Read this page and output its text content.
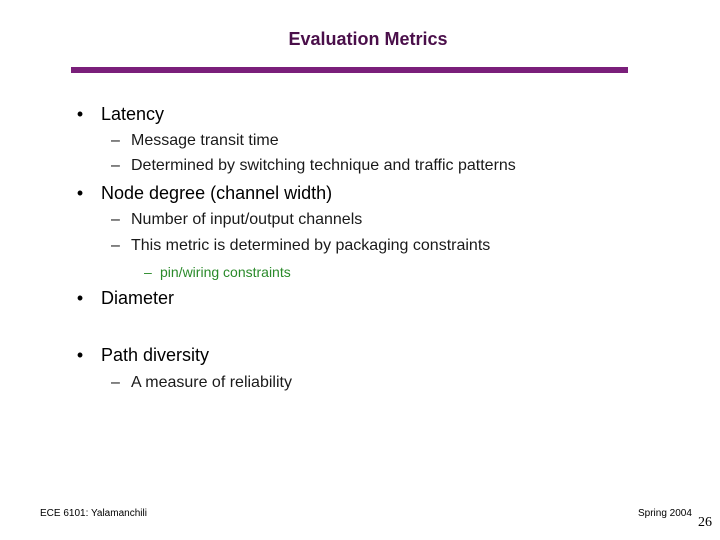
Evaluation Metrics
• Latency
– Message transit time
– Determined by switching technique and traffic patterns
• Node degree (channel width)
– Number of input/output channels
– This metric is determined by packaging constraints
– pin/wiring constraints
• Diameter
• Path diversity
– A measure of reliability
ECE 6101: Yalamanchili	Spring 2004
26
